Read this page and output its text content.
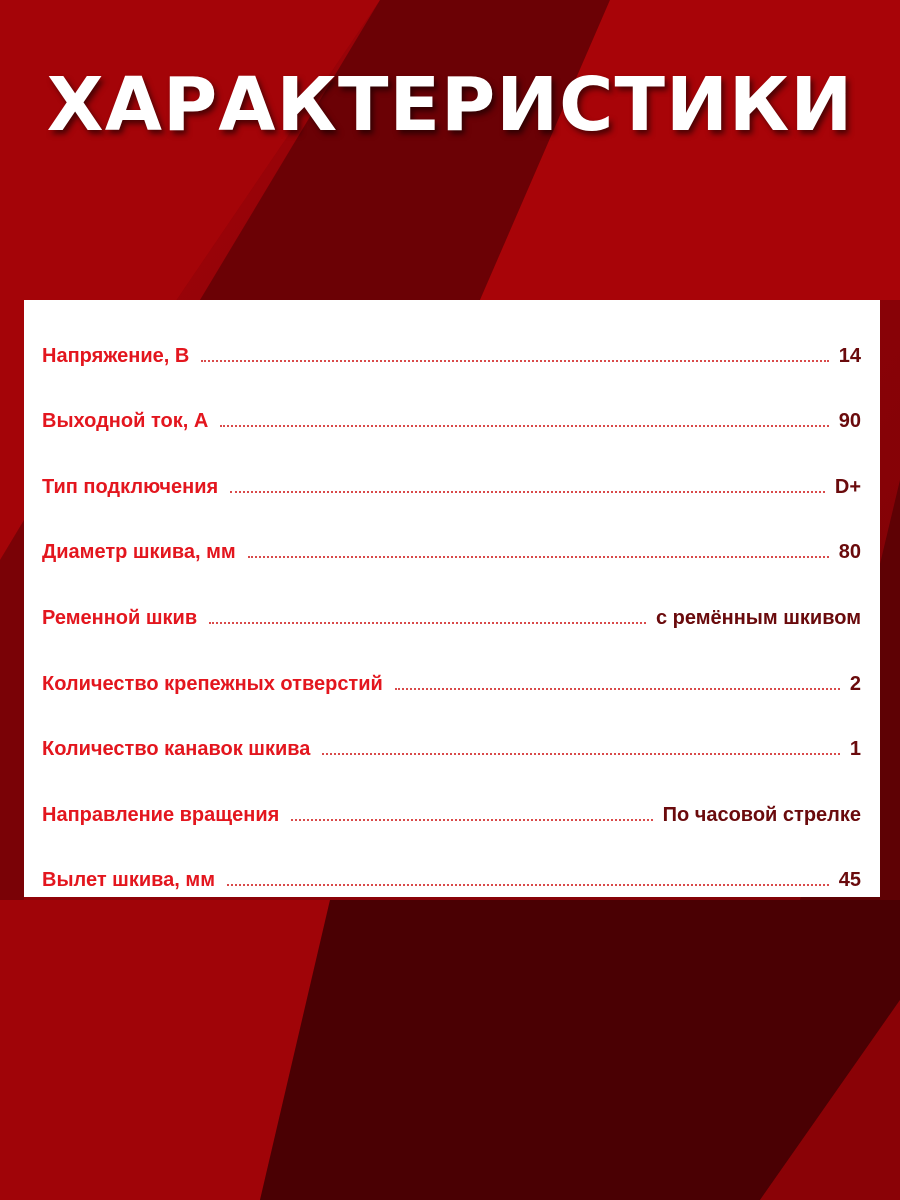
ХАРАКТЕРИСТИКИ
Напряжение, В	14
Выходной ток, А	90
Тип подключения	D+
Диаметр шкива, мм	80
Ременной шкив	с ремённым шкивом
Количество крепежных отверстий	2
Количество канавок шкива	1
Направление вращения	По часовой стрелке
Вылет шкива, мм	45
